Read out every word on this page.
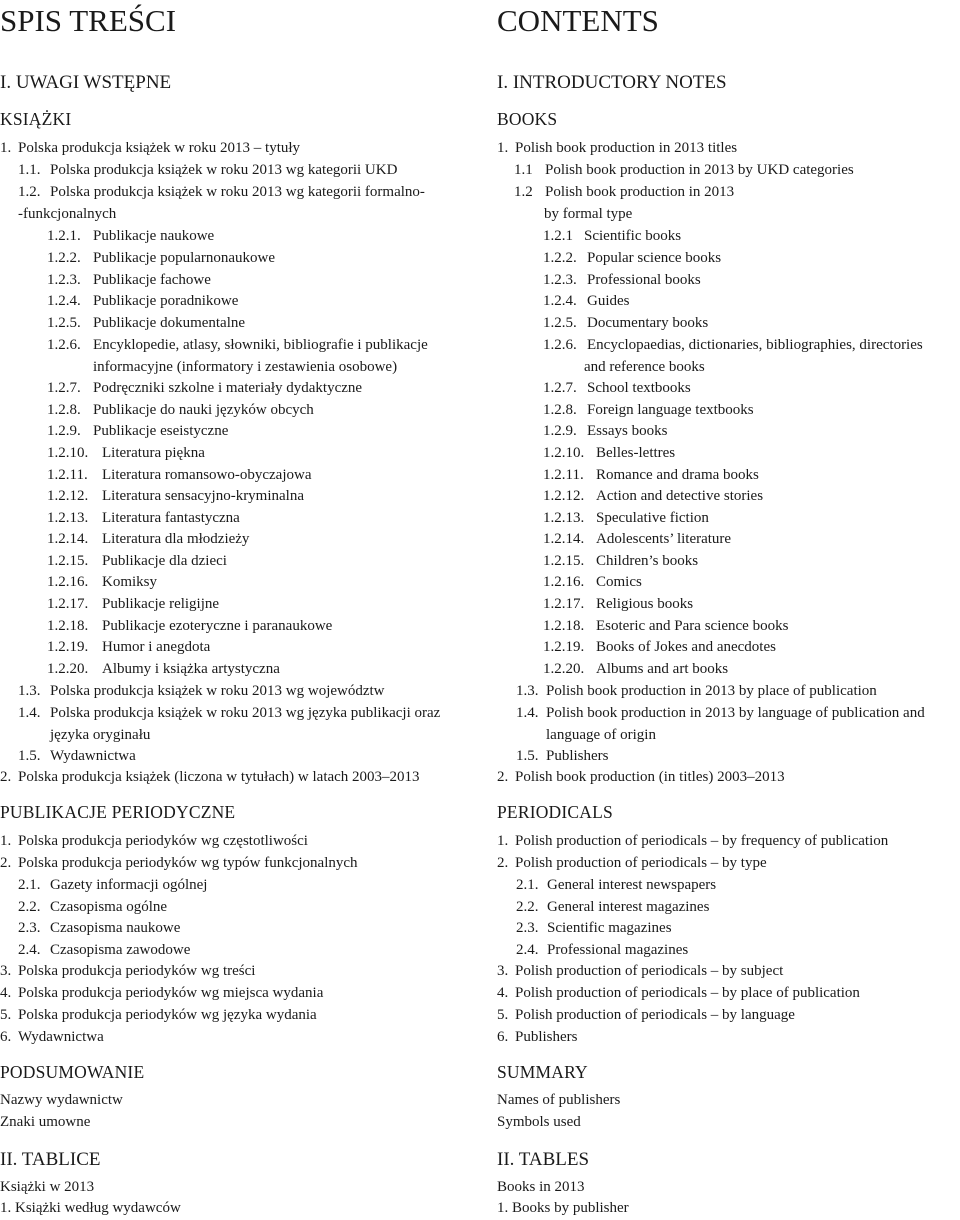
SPIS TREŚCI
I. UWAGI WSTĘPNE
KSIĄŻKI
1. Polska produkcja książek w roku 2013 – tytuły
1.1. Polska produkcja książek w roku 2013 wg kategorii UKD
1.2. Polska produkcja książek w roku 2013 wg kategorii formalno-
-funkcjonalnych
1.2.1. Publikacje naukowe
1.2.2. Publikacje popularnonaukowe
1.2.3. Publikacje fachowe
1.2.4. Publikacje poradnikowe
1.2.5. Publikacje dokumentalne
1.2.6. Encyklopedie, atlasy, słowniki, bibliografie i publikacje
informacyjne (informatory i zestawienia osobowe)
1.2.7. Podręczniki szkolne i materiały dydaktyczne
1.2.8. Publikacje do nauki języków obcych
1.2.9. Publikacje eseistyczne
1.2.10. Literatura piękna
1.2.11. Literatura romansowo-obyczajowa
1.2.12. Literatura sensacyjno-kryminalna
1.2.13. Literatura fantastyczna
1.2.14. Literatura dla młodzieży
1.2.15. Publikacje dla dzieci
1.2.16. Komiksy
1.2.17. Publikacje religijne
1.2.18. Publikacje ezoteryczne i paranaukowe
1.2.19. Humor i anegdota
1.2.20. Albumy i książka artystyczna
1.3. Polska produkcja książek w roku 2013 wg województw
1.4. Polska produkcja książek w roku 2013 wg języka publikacji oraz
języka oryginału
1.5. Wydawnictwa
2. Polska produkcja książek (liczona w tytułach) w latach 2003–2013
PUBLIKACJE PERIODYCZNE
1. Polska produkcja periodyków wg częstotliwości
2. Polska produkcja periodyków wg typów funkcjonalnych
2.1. Gazety informacji ogólnej
2.2. Czasopisma ogólne
2.3. Czasopisma naukowe
2.4. Czasopisma zawodowe
3. Polska produkcja periodyków wg treści
4. Polska produkcja periodyków wg miejsca wydania
5. Polska produkcja periodyków wg języka wydania
6. Wydawnictwa
PODSUMOWANIE
Nazwy wydawnictw
Znaki umowne
II. TABLICE
Książki w 2013
1. Książki według wydawców
CONTENTS
I. INTRODUCTORY NOTES
BOOKS
1. Polish book production in 2013 titles
1.1 Polish book production in 2013 by UKD categories
1.2 Polish book production in 2013
by formal type
1.2.1 Scientific books
1.2.2. Popular science books
1.2.3. Professional books
1.2.4. Guides
1.2.5. Documentary books
1.2.6. Encyclopaedias, dictionaries, bibliographies, directories
and reference books
1.2.7. School textbooks
1.2.8. Foreign language textbooks
1.2.9. Essays books
1.2.10. Belles-lettres
1.2.11. Romance and drama books
1.2.12. Action and detective stories
1.2.13. Speculative fiction
1.2.14. Adolescents’ literature
1.2.15. Children’s books
1.2.16. Comics
1.2.17. Religious books
1.2.18. Esoteric and Para science books
1.2.19. Books of Jokes and anecdotes
1.2.20. Albums and art books
1.3. Polish book production in 2013 by place of publication
1.4. Polish book production in 2013 by language of publication and
language of origin
1.5. Publishers
2. Polish book production (in titles) 2003–2013
PERIODICALS
1. Polish production of periodicals – by frequency of publication
2. Polish production of periodicals – by type
2.1. General interest newspapers
2.2. General interest magazines
2.3. Scientific magazines
2.4. Professional magazines
3. Polish production of periodicals – by subject
4. Polish production of periodicals – by place of publication
5. Polish production of periodicals – by language
6. Publishers
SUMMARY
Names of publishers
Symbols used
II. TABLES
Books in 2013
1. Books by publisher
